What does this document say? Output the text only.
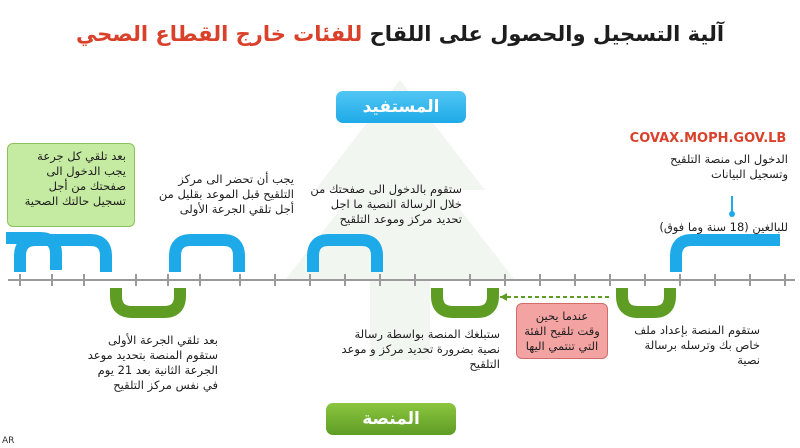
آلية التسجيل والحصول على اللقاح للفئات خارج القطاع الصحي
المستفيد
COVAX.MOPH.GOV.LB
الدخول الى منصة التلقيح وتسجيل البيانات
للبالغين (18 سنة وما فوق)
ستقوم بالدخول الى صفحتك من خلال الرسالة النصية ما اجل تحديد مركز وموعد التلقيح
يجب أن تحضر الى مركز التلقيح قبل الموعد بقليل من أجل تلقي الجرعة الأولى
بعد تلقي كل جرعة يجب الدخول الى صفحتك من أجل تسجيل حالتك الصحية
ستقوم المنصة بإعداد ملف خاص بك وترسله برسالة نصية
عندما يحين وقت تلقيح الفئة التي تنتمي اليها
ستبلغك المنصة بواسطة رسالة نصية بضرورة تحديد مركز و موعد التلقيح
بعد تلقي الجرعة الأولى ستقوم المنصة بتحديد موعد الجرعة الثانية بعد 21 يوم في نفس مركز التلقيح
المنصة
AR
